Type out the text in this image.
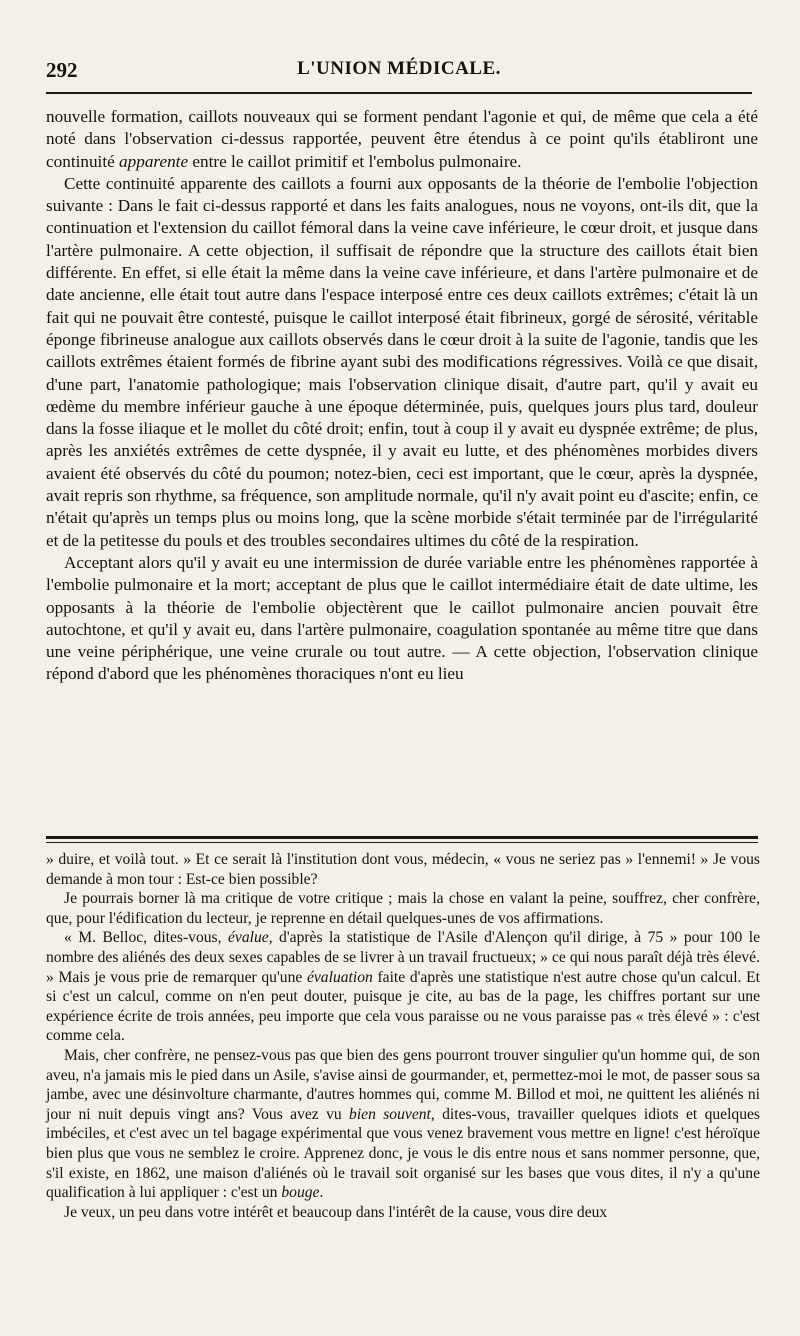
292	L'UNION MÉDICALE.

nouvelle formation, caillots nouveaux qui se forment pendant l'agonie et qui, de même que cela a été noté dans l'observation ci-dessus rapportée, peuvent être étendus à ce point qu'ils établiront une continuité apparente entre le caillot primitif et l'embolus pulmonaire.

Cette continuité apparente des caillots a fourni aux opposants de la théorie de l'embolie l'objection suivante : Dans le fait ci-dessus rapporté et dans les faits analogues, nous ne voyons, ont-ils dit, que la continuation et l'extension du caillot fémoral dans la veine cave inférieure, le cœur droit, et jusque dans l'artère pulmonaire. A cette objection, il suffisait de répondre que la structure des caillots était bien différente. En effet, si elle était la même dans la veine cave inférieure, et dans l'artère pulmonaire et de date ancienne, elle était tout autre dans l'espace interposé entre ces deux caillots extrêmes; c'était là un fait qui ne pouvait être contesté, puisque le caillot interposé était fibrineux, gorgé de sérosité, véritable éponge fibrineuse analogue aux caillots observés dans le cœur droit à la suite de l'agonie, tandis que les caillots extrêmes étaient formés de fibrine ayant subi des modifications régressives. Voilà ce que disait, d'une part, l'anatomie pathologique; mais l'observation clinique disait, d'autre part, qu'il y avait eu œdème du membre inférieur gauche à une époque déterminée, puis, quelques jours plus tard, douleur dans la fosse iliaque et le mollet du côté droit; enfin, tout à coup il y avait eu dyspnée extrême; de plus, après les anxiétés extrêmes de cette dyspnée, il y avait eu lutte, et des phénomènes morbides divers avaient été observés du côté du poumon; notez-bien, ceci est important, que le cœur, après la dyspnée, avait repris son rhythme, sa fréquence, son amplitude normale, qu'il n'y avait point eu d'ascite; enfin, ce n'était qu'après un temps plus ou moins long, que la scène morbide s'était terminée par de l'irrégularité et de la petitesse du pouls et des troubles secondaires ultimes du côté de la respiration.

Acceptant alors qu'il y avait eu une intermission de durée variable entre les phénomènes rapportée à l'embolie pulmonaire et la mort; acceptant de plus que le caillot intermédiaire était de date ultime, les opposants à la théorie de l'embolie objectèrent que le caillot pulmonaire ancien pouvait être autochtone, et qu'il y avait eu, dans l'artère pulmonaire, coagulation spontanée au même titre que dans une veine périphérique, une veine crurale ou tout autre. — A cette objection, l'observation clinique répond d'abord que les phénomènes thoraciques n'ont eu lieu

» duire, et voilà tout. » Et ce serait là l'institution dont vous, médecin, « vous ne seriez pas » l'ennemi! » Je vous demande à mon tour : Est-ce bien possible?

Je pourrais borner là ma critique de votre critique ; mais la chose en valant la peine, souffrez, cher confrère, que, pour l'édification du lecteur, je reprenne en détail quelques-unes de vos affirmations.

« M. Belloc, dites-vous, évalue, d'après la statistique de l'Asile d'Alençon qu'il dirige, à 75 » pour 100 le nombre des aliénés des deux sexes capables de se livrer à un travail fructueux; » ce qui nous paraît déjà très élevé. » Mais je vous prie de remarquer qu'une évaluation faite d'après une statistique n'est autre chose qu'un calcul. Et si c'est un calcul, comme on n'en peut douter, puisque je cite, au bas de la page, les chiffres portant sur une expérience écrite de trois années, peu importe que cela vous paraisse ou ne vous paraisse pas « très élevé » : c'est comme cela.

Mais, cher confrère, ne pensez-vous pas que bien des gens pourront trouver singulier qu'un homme qui, de son aveu, n'a jamais mis le pied dans un Asile, s'avise ainsi de gourmander, et, permettez-moi le mot, de passer sous sa jambe, avec une désinvolture charmante, d'autres hommes qui, comme M. Billod et moi, ne quittent les aliénés ni jour ni nuit depuis vingt ans? Vous avez vu bien souvent, dites-vous, travailler quelques idiots et quelques imbéciles, et c'est avec un tel bagage expérimental que vous venez bravement vous mettre en ligne! c'est héroïque bien plus que vous ne semblez le croire. Apprenez donc, je vous le dis entre nous et sans nommer personne, que, s'il existe, en 1862, une maison d'aliénés où le travail soit organisé sur les bases que vous dites, il n'y a qu'une qualification à lui appliquer : c'est un bouge.

Je veux, un peu dans votre intérêt et beaucoup dans l'intérêt de la cause, vous dire deux
